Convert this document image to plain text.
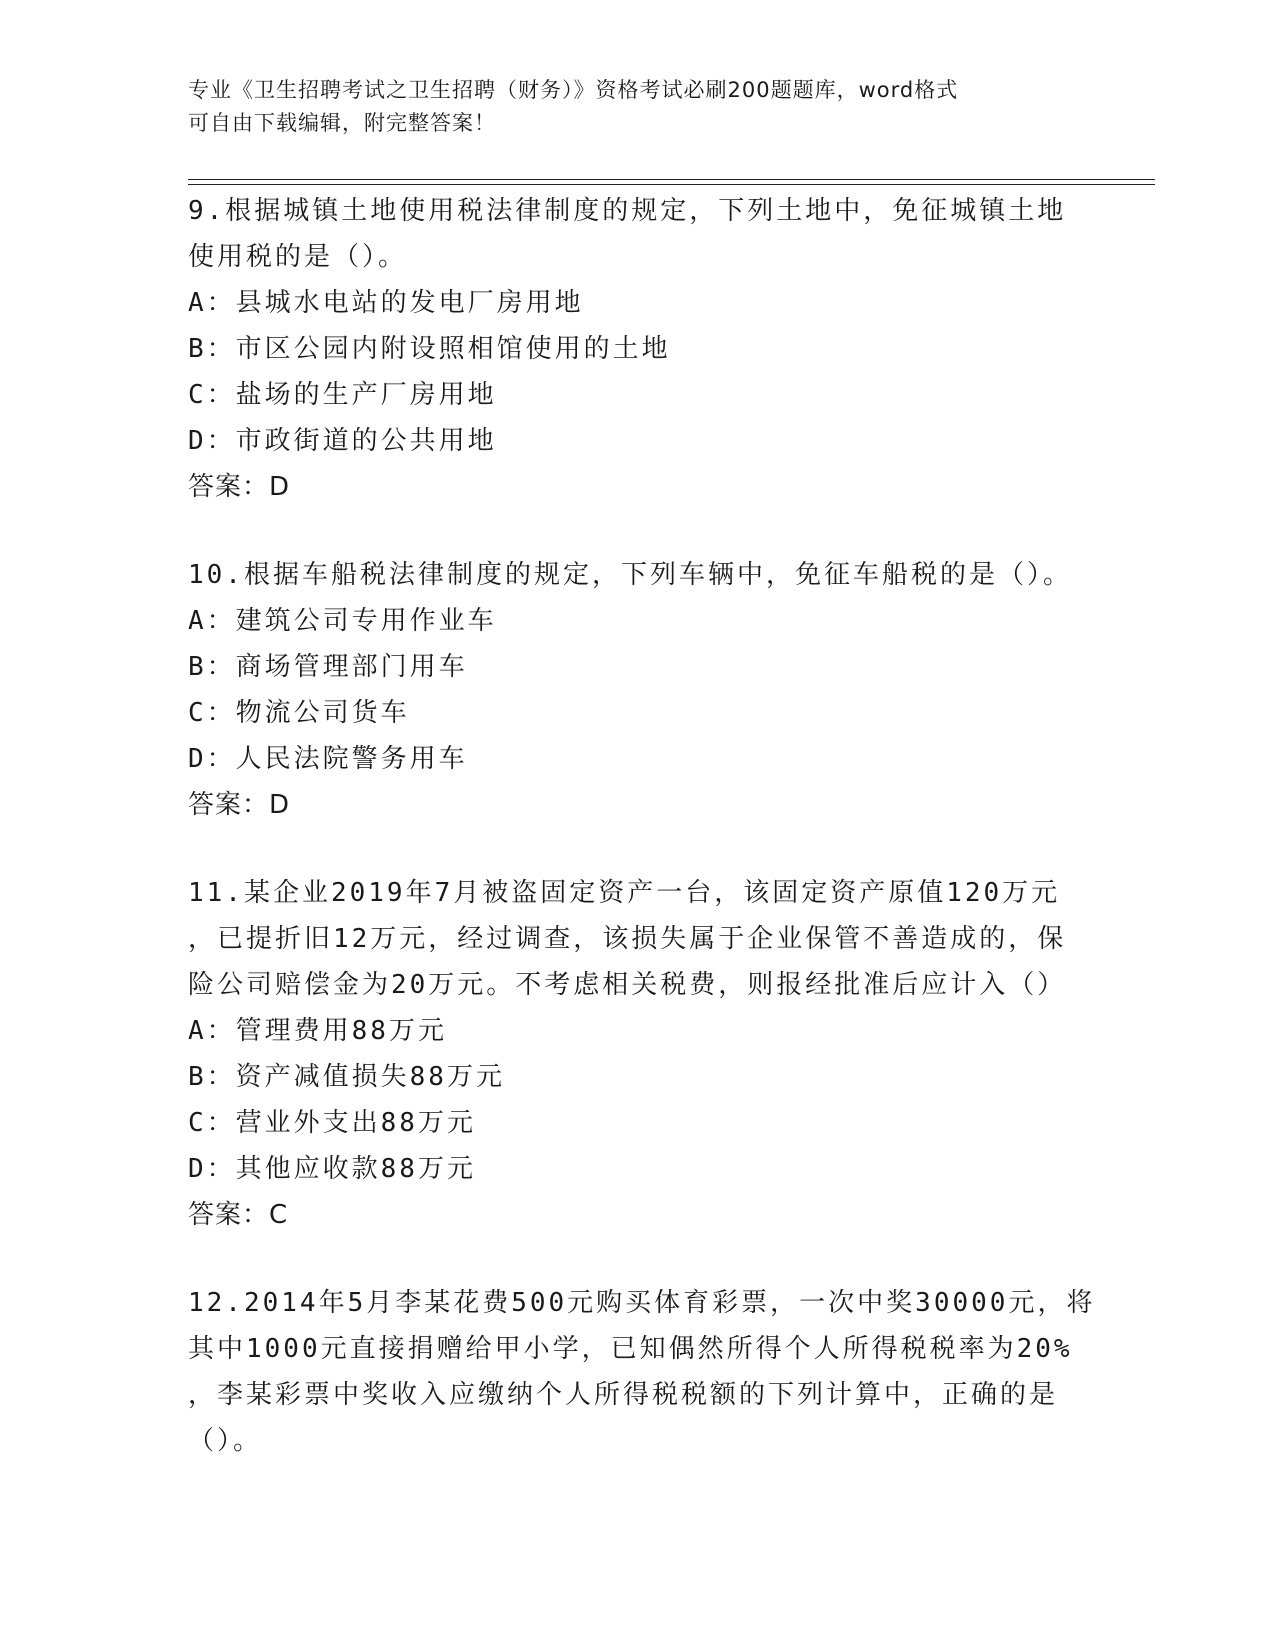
专业《卫生招聘考试之卫生招聘（财务）》资格考试必刷200题题库，word格式
可自由下载编辑，附完整答案！
9.根据城镇土地使用税法律制度的规定，下列土地中，免征城镇土地
使用税的是（）。
A：县城水电站的发电厂房用地
B：市区公园内附设照相馆使用的土地
C：盐场的生产厂房用地
D：市政街道的公共用地
答案：D
10.根据车船税法律制度的规定，下列车辆中，免征车船税的是（）。
A：建筑公司专用作业车
B：商场管理部门用车
C：物流公司货车
D：人民法院警务用车
答案：D
11.某企业2019年7月被盗固定资产一台，该固定资产原值120万元
，已提折旧12万元，经过调查，该损失属于企业保管不善造成的，保
险公司赔偿金为20万元。不考虑相关税费，则报经批准后应计入（）
A：管理费用88万元
B：资产减值损失88万元
C：营业外支出88万元
D：其他应收款88万元
答案：C
12.2014年5月李某花费500元购买体育彩票，一次中奖30000元，将
其中1000元直接捐赠给甲小学，已知偶然所得个人所得税税率为20%
，李某彩票中奖收入应缴纳个人所得税税额的下列计算中，正确的是
（）。
